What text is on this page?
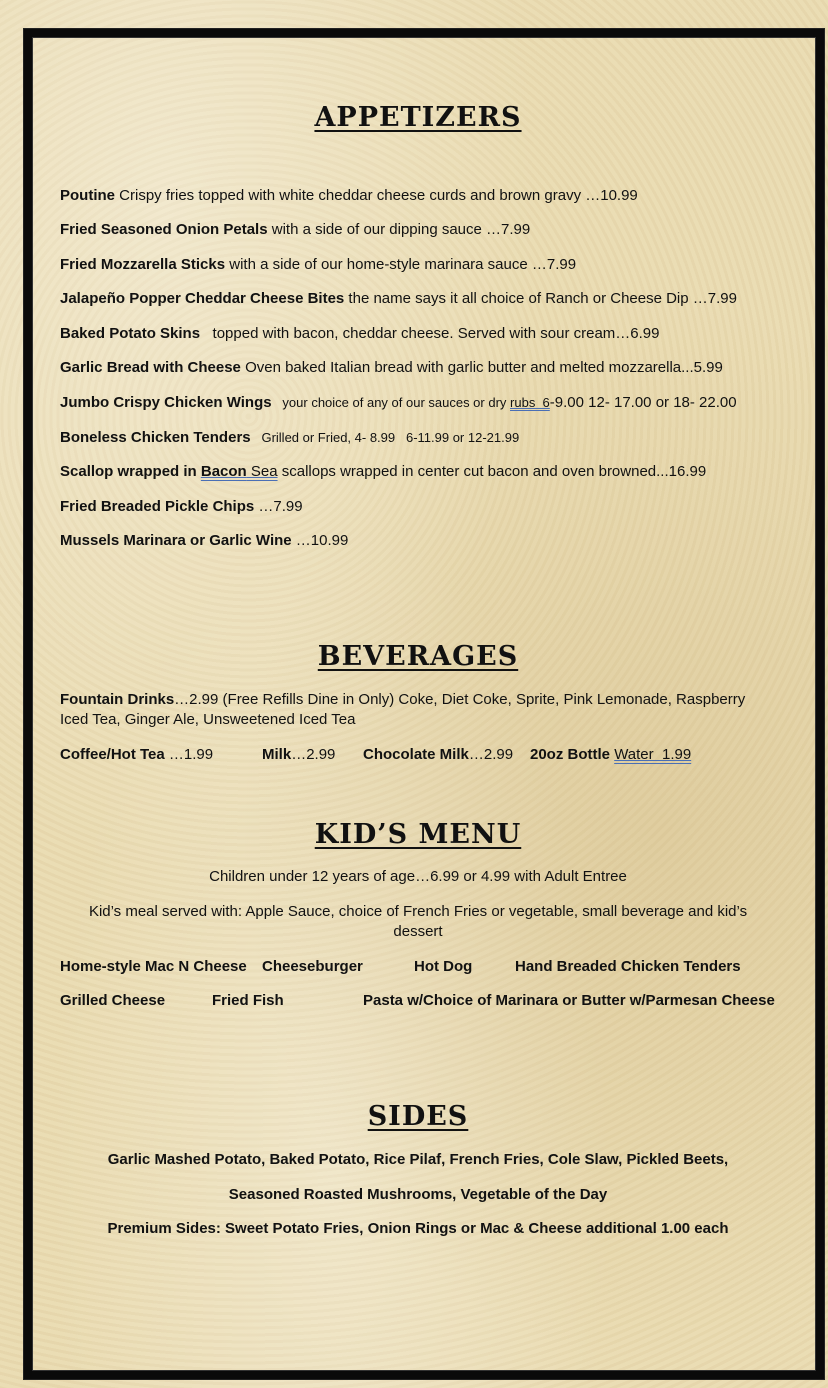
APPETIZERS
Poutine Crispy fries topped with white cheddar cheese curds and brown gravy …10.99
Fried Seasoned Onion Petals with a side of our dipping sauce …7.99
Fried Mozzarella Sticks with a side of our home-style marinara sauce …7.99
Jalapeño Popper Cheddar Cheese Bites the name says it all choice of Ranch or Cheese Dip …7.99
Baked Potato Skins   topped with bacon, cheddar cheese. Served with sour cream…6.99
Garlic Bread with Cheese Oven baked Italian bread with garlic butter and melted mozzarella...5.99
Jumbo Crispy Chicken Wings   your choice of any of our sauces or dry rubs  6-9.00 12- 17.00 or 18- 22.00
Boneless Chicken Tenders   Grilled or Fried, 4- 8.99   6-11.99 or 12-21.99
Scallop wrapped in Bacon Sea scallops wrapped in center cut bacon and oven browned...16.99
Fried Breaded Pickle Chips …7.99
Mussels Marinara or Garlic Wine …10.99
BEVERAGES
Fountain Drinks…2.99 (Free Refills Dine in Only) Coke, Diet Coke, Sprite, Pink Lemonade, Raspberry Iced Tea, Ginger Ale, Unsweetened Iced Tea
Coffee/Hot Tea …1.99	Milk…2.99 Chocolate Milk…2.99 20oz Bottle Water  1.99
KID’S MENU
Children under 12 years of age…6.99 or 4.99 with Adult Entree
Kid’s meal served with: Apple Sauce, choice of French Fries or vegetable, small beverage and kid’s dessert
Home-style Mac N Cheese Cheeseburger	Hot Dog	Hand Breaded Chicken Tenders
Grilled Cheese	Fried Fish	Pasta w/Choice of Marinara or Butter w/Parmesan Cheese
SIDES
Garlic Mashed Potato, Baked Potato, Rice Pilaf, French Fries, Cole Slaw, Pickled Beets,
Seasoned Roasted Mushrooms, Vegetable of the Day
Premium Sides: Sweet Potato Fries, Onion Rings or Mac & Cheese additional 1.00 each
